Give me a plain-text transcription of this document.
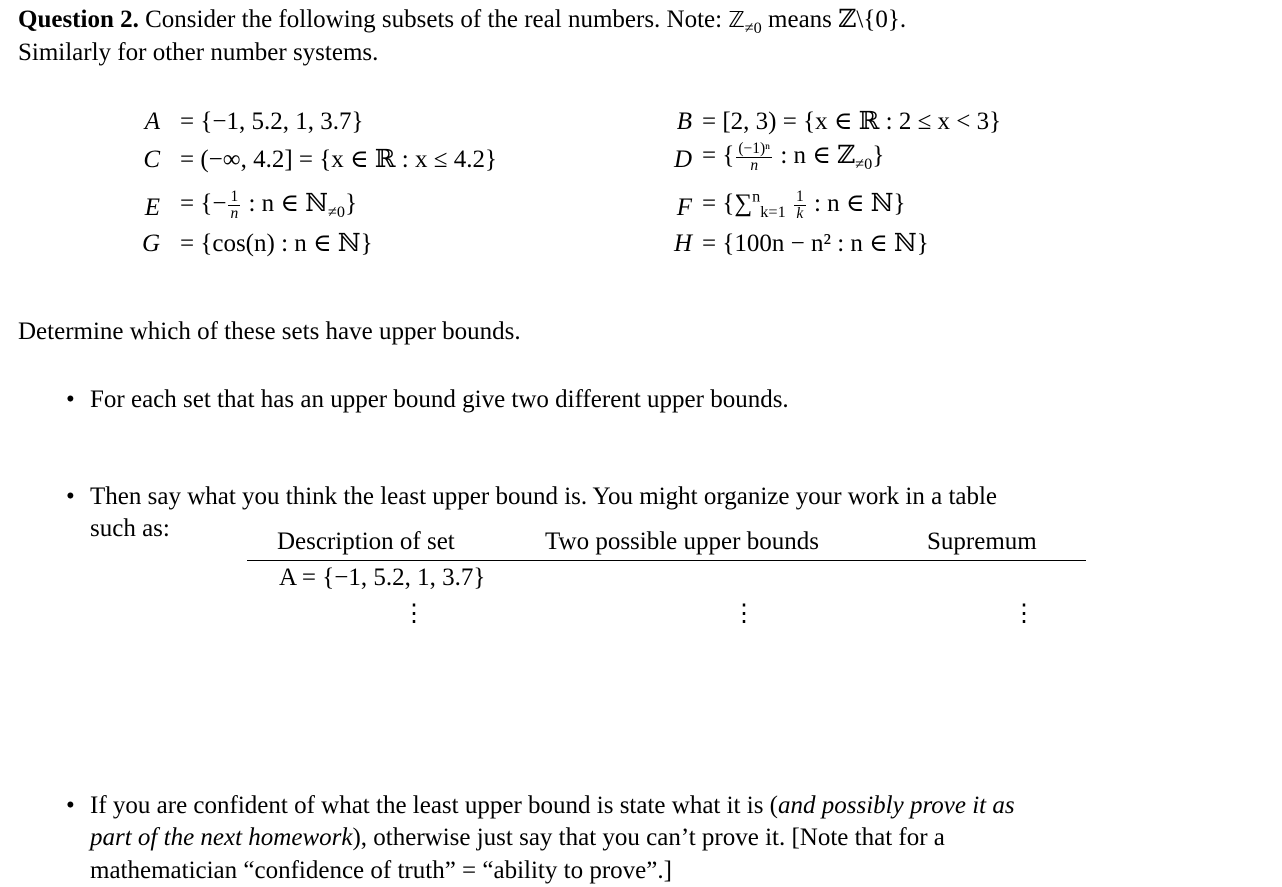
Question 2. Consider the following subsets of the real numbers. Note: ℤ$_{\ne 0}$ means ℤ\{0}.

Similarly for other number systems.

A = {−1, 5.2, 1, 3.7}	B = [2, 3) = {x ∈ ℝ : 2 ≤ x < 3}
C = (−∞, 4.2] = {x ∈ ℝ : x ≤ 4.2}	D = { $\frac{\text{(−1)ⁿ}}{n}$ : n ∈ ℤ$_{\ne 0}$}
E = {− $\frac{1}{n}$ : n ∈ ℕ$_{\ne 0}$}	$F = \{\sum^n_{k=1} \frac{1}{k}$ : n ∈ ℕ}
G = {cos(n) : n ∈ ℕ}	H = {100n − n² : n ∈ ℕ}

Determine which of these sets have upper bounds.

• For each set that has an upper bound give two different upper bounds.
• Then say what you think the least upper bound is. You might organize your work in a table
such as:
• If you are confident of what the least upper bound is state what it is (and possibly prove it as
part of the next homework), otherwise just say that you can’t prove it. [Note that for a
mathematician “confidence of truth” = “ability to prove”.]
Description of set	Two possible upper bounds	Supremum
A = {−1, 5.2, 1, 3.7}
⋮	⋮	⋮
